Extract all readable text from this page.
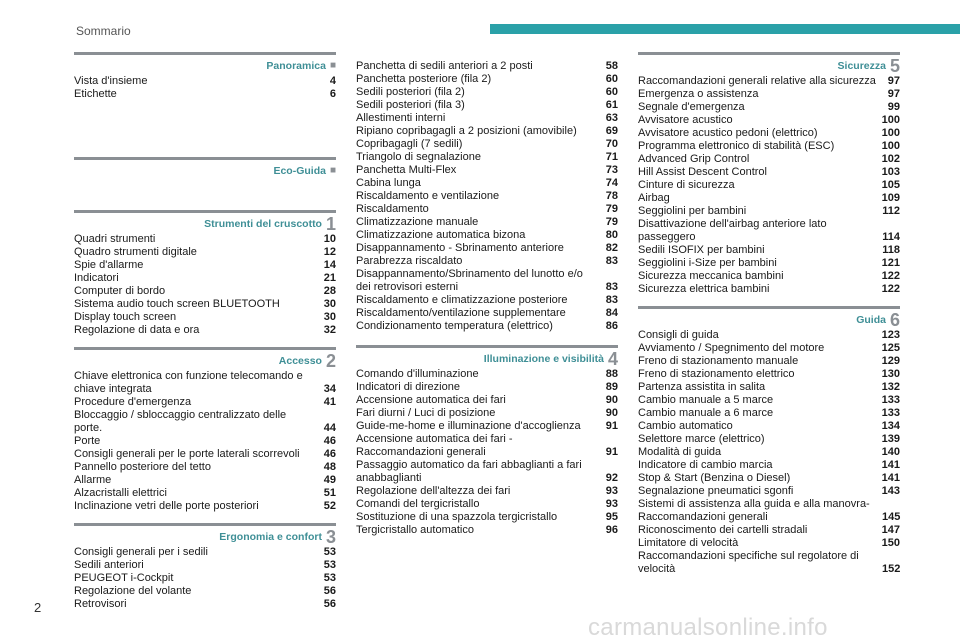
Sommario
Panoramica ■
Vista d'insieme	4
Etichette	6
Eco-Guida ■
Strumenti del cruscotto 1
Quadri strumenti	10
Quadro strumenti digitale	12
Spie d'allarme	14
Indicatori	21
Computer di bordo	28
Sistema audio touch screen BLUETOOTH	30
Display touch screen	30
Regolazione di data e ora	32
Accesso 2
Chiave elettronica con funzione telecomando e chiave integrata	34
Procedure d'emergenza	41
Bloccaggio / sbloccaggio centralizzato delle porte.	44
Porte	46
Consigli generali per le porte laterali scorrevoli	46
Pannello posteriore del tetto	48
Allarme	49
Alzacristalli elettrici	51
Inclinazione vetri delle porte posteriori	52
Ergonomia e confort 3
Consigli generali per i sedili	53
Sedili anteriori	53
PEUGEOT i-Cockpit	53
Regolazione del volante	56
Retrovisori	56
Panchetta di sedili anteriori a 2 posti	58
Panchetta posteriore (fila 2)	60
Sedili posteriori (fila 2)	60
Sedili posteriori (fila 3)	61
Allestimenti interni	63
Ripiano copribagagli a 2 posizioni (amovibile)	69
Copribagagli (7 sedili)	70
Triangolo di segnalazione	71
Panchetta Multi-Flex	73
Cabina lunga	74
Riscaldamento e ventilazione	78
Riscaldamento	79
Climatizzazione manuale	79
Climatizzazione automatica bizona	80
Disappannamento - Sbrinamento anteriore	82
Parabrezza riscaldato	83
Disappannamento/Sbrinamento del lunotto e/o dei retrovisori esterni	83
Riscaldamento e climatizzazione posteriore	83
Riscaldamento/ventilazione supplementare	84
Condizionamento temperatura (elettrico)	86
Illuminazione e visibilità 4
Comando d'illuminazione	88
Indicatori di direzione	89
Accensione automatica dei fari	90
Fari diurni / Luci di posizione	90
Guide-me-home e illuminazione d'accoglienza	91
Accensione automatica dei fari - Raccomandazioni generali	91
Passaggio automatico da fari abbaglianti a fari anabbaglianti	92
Regolazione dell'altezza dei fari	93
Comandi del tergicristallo	93
Sostituzione di una spazzola tergicristallo	95
Tergicristallo automatico	96
Sicurezza 5
Raccomandazioni generali relative alla sicurezza	97
Emergenza o assistenza	97
Segnale d'emergenza	99
Avvisatore acustico	100
Avvisatore acustico pedoni (elettrico)	100
Programma elettronico di stabilità (ESC)	100
Advanced Grip Control	102
Hill Assist Descent Control	103
Cinture di sicurezza	105
Airbag	109
Seggiolini per bambini	112
Disattivazione dell'airbag anteriore lato passeggero	114
Sedili ISOFIX per bambini	118
Seggiolini i-Size per bambini	121
Sicurezza meccanica bambini	122
Sicurezza elettrica bambini	122
Guida 6
Consigli di guida	123
Avviamento / Spegnimento del motore	125
Freno di stazionamento manuale	129
Freno di stazionamento elettrico	130
Partenza assistita in salita	132
Cambio manuale a 5 marce	133
Cambio manuale a 6 marce	133
Cambio automatico	134
Selettore marce (elettrico)	139
Modalità di guida	140
Indicatore di cambio marcia	141
Stop & Start (Benzina o Diesel)	141
Segnalazione pneumatici sgonfi	143
Sistemi di assistenza alla guida e alla manovra- Raccomandazioni generali	145
Riconoscimento dei cartelli stradali	147
Limitatore di velocità	150
Raccomandazioni specifiche sul regolatore di velocità	152
2
carmanualsonline.info
